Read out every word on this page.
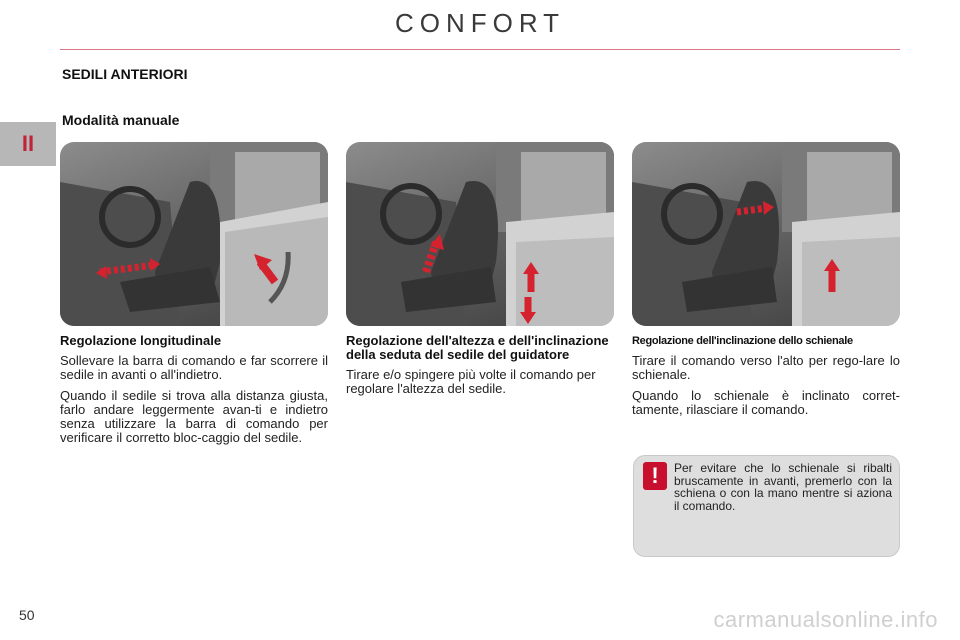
CONFORT
II
SEDILI ANTERIORI
Modalità manuale
Regolazione longitudinale

Sollevare la barra di comando e far scorrere il sedile in avanti o all'indietro.

Quando il sedile si trova alla distanza giusta, farlo andare leggermente avan-ti e indietro senza utilizzare la barra di comando per verificare il corretto bloc-caggio del sedile.

Regolazione dell'altezza e dell'inclinazione della seduta del sedile del guidatore

Tirare e/o spingere più volte il comando per regolare l'altezza del sedile.

Regolazione dell'inclinazione dello schienale

Tirare il comando verso l'alto per rego-lare lo schienale.

Quando lo schienale è inclinato corret-tamente, rilasciare il comando.

!	Per evitare che lo schienale si ribalti bruscamente in avanti, premerlo con la schiena o con la mano mentre si aziona il comando.

50	carmanualsonline.info
